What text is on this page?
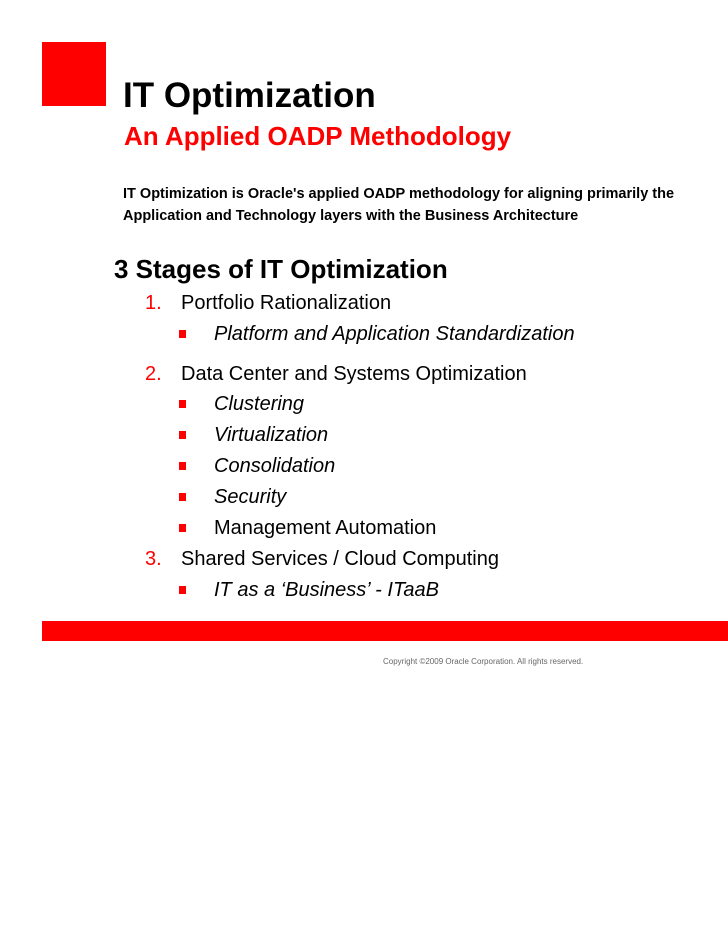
IT Optimization
An Applied OADP Methodology
IT Optimization is Oracle's applied OADP methodology for aligning primarily the
Application and Technology layers with the Business Architecture
3 Stages of IT Optimization
1. Portfolio Rationalization
Platform and Application Standardization
2. Data Center and Systems Optimization
Clustering
Virtualization
Consolidation
Security
Management Automation
3. Shared Services / Cloud Computing
IT as a ‘Business’ - ITaaB
Copyright ©2009 Oracle Corporation. All rights reserved.
